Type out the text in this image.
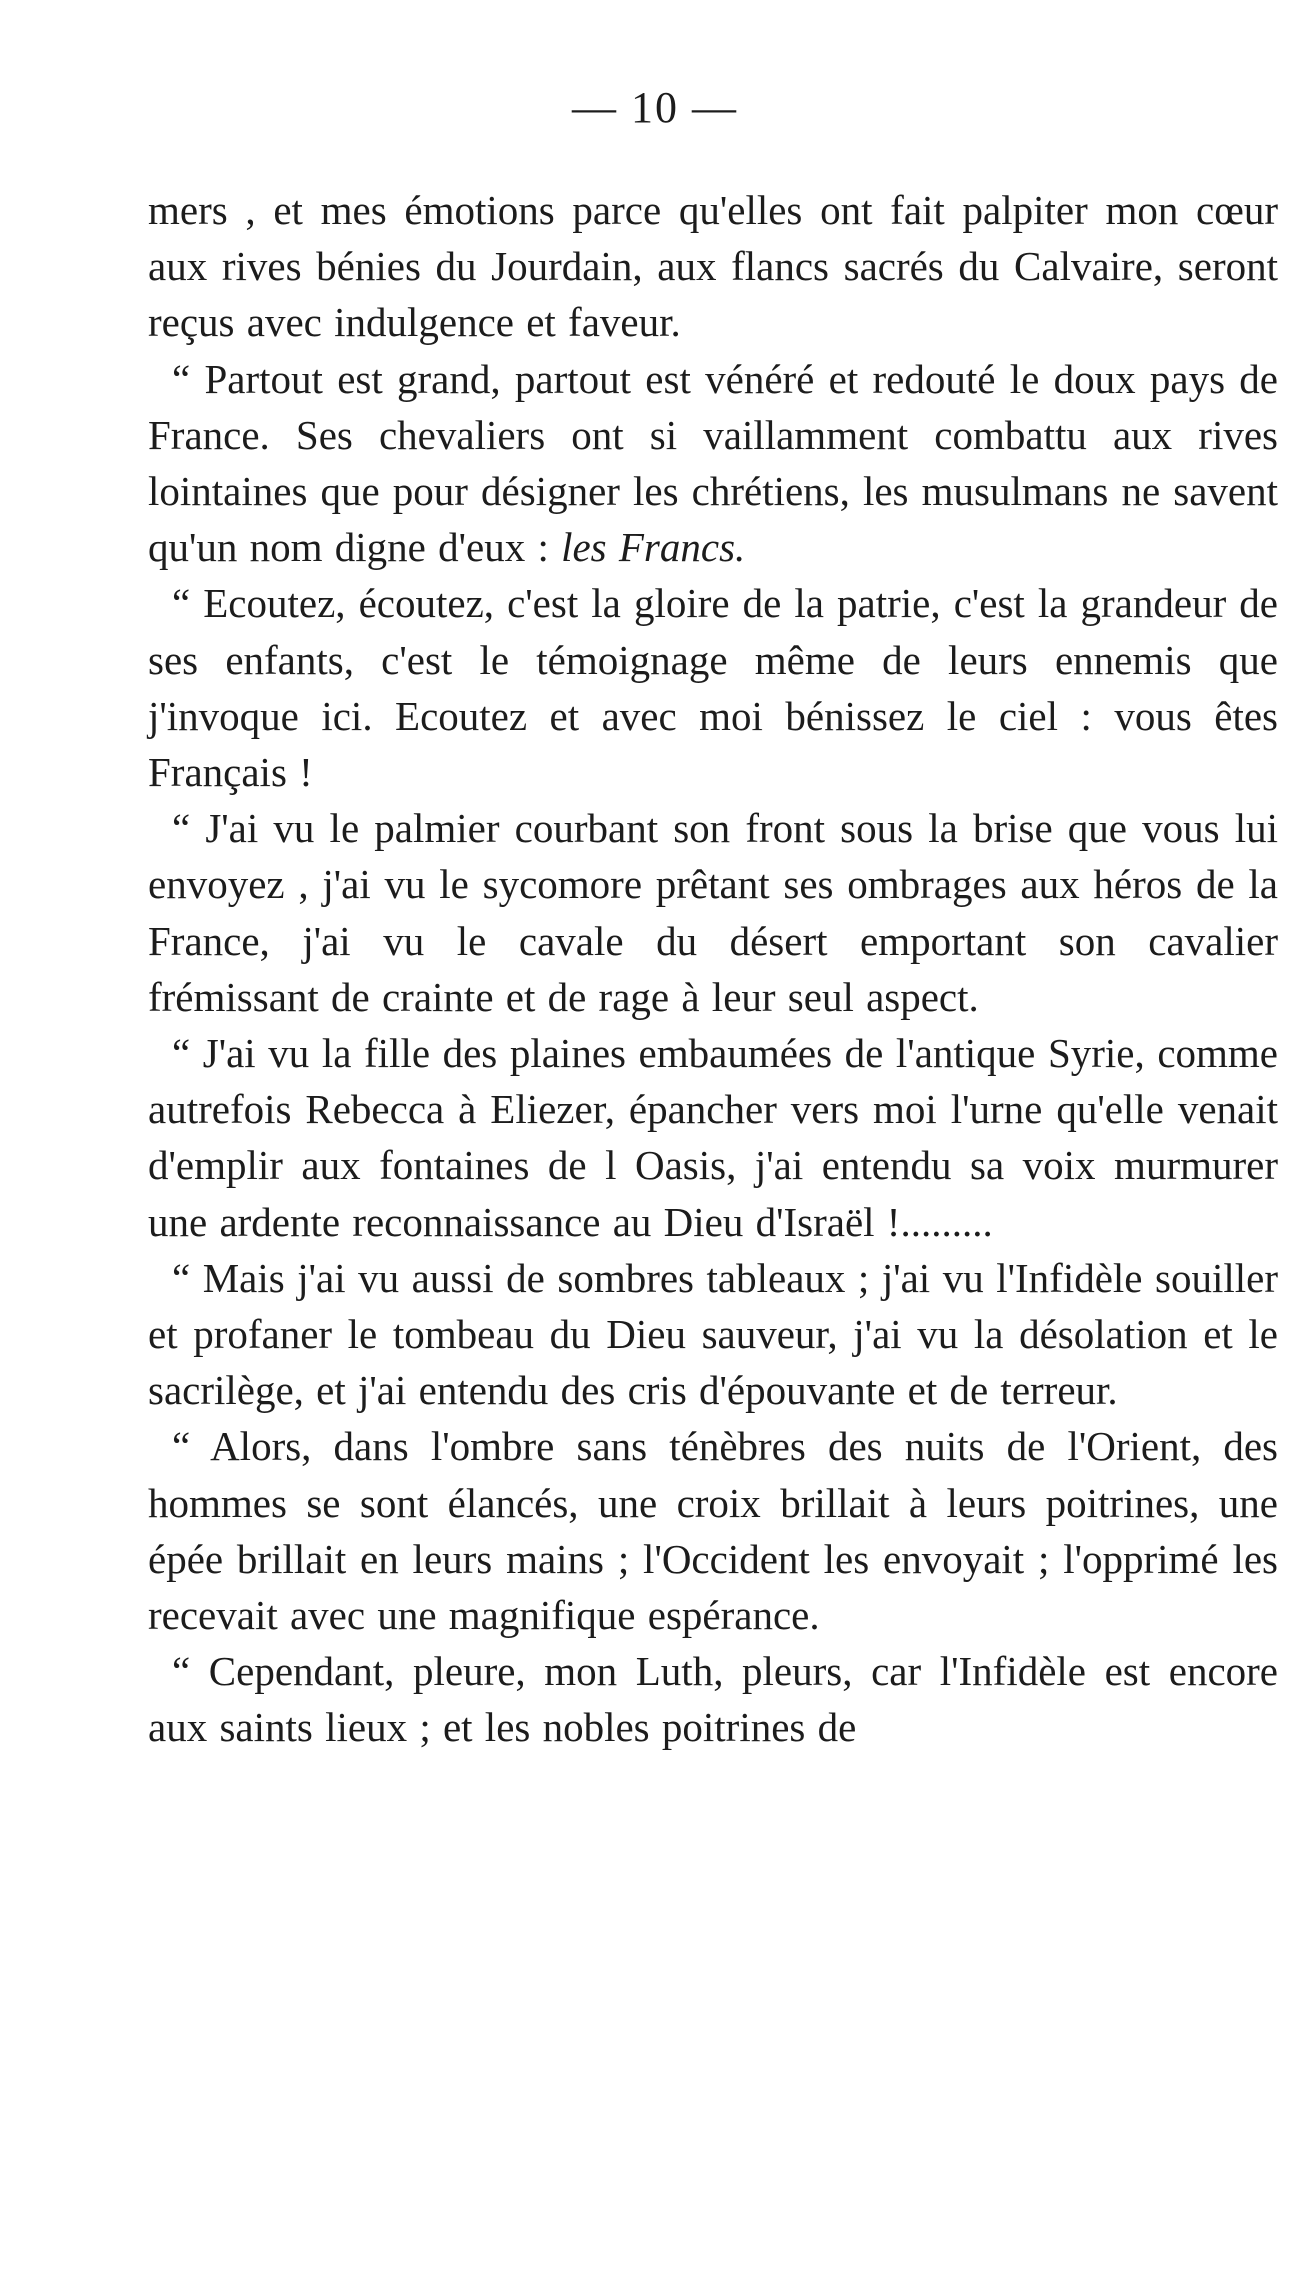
— 10 —

mers , et mes émotions parce qu'elles ont fait palpiter mon cœur aux rives bénies du Jourdain, aux flancs sacrés du Calvaire, seront reçus avec indulgence et faveur.

“ Partout est grand, partout est vénéré et redouté le doux pays de France. Ses chevaliers ont si vaillamment combattu aux rives lointaines que pour désigner les chrétiens, les musulmans ne savent qu'un nom digne d'eux : les Francs.

“ Ecoutez, écoutez, c'est la gloire de la patrie, c'est la grandeur de ses enfants, c'est le témoignage même de leurs ennemis que j'invoque ici. Ecoutez et avec moi bénissez le ciel : vous êtes Français !

“ J'ai vu le palmier courbant son front sous la brise que vous lui envoyez , j'ai vu le sycomore prêtant ses ombrages aux héros de la France, j'ai vu le cavale du désert emportant son cavalier frémissant de crainte et de rage à leur seul aspect.

“ J'ai vu la fille des plaines embaumées de l'antique Syrie, comme autrefois Rebecca à Eliezer, épancher vers moi l'urne qu'elle venait d'emplir aux fontaines de l Oasis, j'ai entendu sa voix murmurer une ardente reconnaissance au Dieu d'Israël !.........

“ Mais j'ai vu aussi de sombres tableaux ; j'ai vu l'Infidèle souiller et profaner le tombeau du Dieu sauveur, j'ai vu la désolation et le sacrilège, et j'ai entendu des cris d'épouvante et de terreur.

“ Alors, dans l'ombre sans ténèbres des nuits de l'Orient, des hommes se sont élancés, une croix brillait à leurs poitrines, une épée brillait en leurs mains ; l'Occident les envoyait ; l'opprimé les recevait avec une magnifique espérance.

“ Cependant, pleure, mon Luth, pleurs, car l'Infidèle est encore aux saints lieux ; et les nobles poitrines de
